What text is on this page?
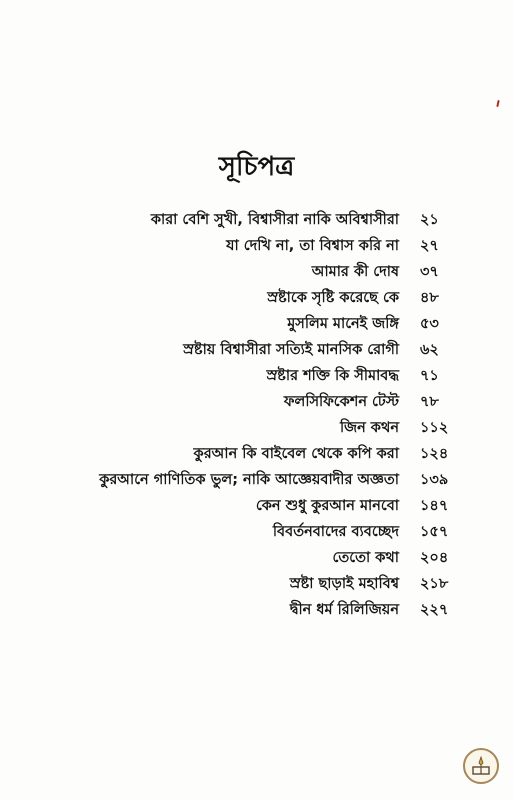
সূচিপত্র
কারা বেশি সুখী, বিশ্বাসীরা নাকি অবিশ্বাসীরা ২১
যা দেখি না, তা বিশ্বাস করি না ২৭
আমার কী দোষ ৩৭
স্রষ্টাকে সৃষ্টি করেছে কে ৪৮
মুসলিম মানেই জঙ্গি ৫৩
স্রষ্টায় বিশ্বাসীরা সত্যিই মানসিক রোগী ৬২
স্রষ্টার শক্তি কি সীমাবদ্ধ ৭১
ফলসিফিকেশন টেস্ট ৭৮
জিন কথন ১১২
কুরআন কি বাইবেল থেকে কপি করা ১২৪
কুরআনে গাণিতিক ভুল; নাকি আজ্ঞেয়বাদীর অজ্ঞতা ১৩৯
কেন শুধু কুরআন মানবো ১৪৭
বিবর্তনবাদের ব্যবচ্ছেদ ১৫৭
তেতো কথা ২০৪
স্রষ্টা ছাড়াই মহাবিশ্ব ২১৮
দ্বীন ধর্ম রিলিজিয়ন ২২৭
